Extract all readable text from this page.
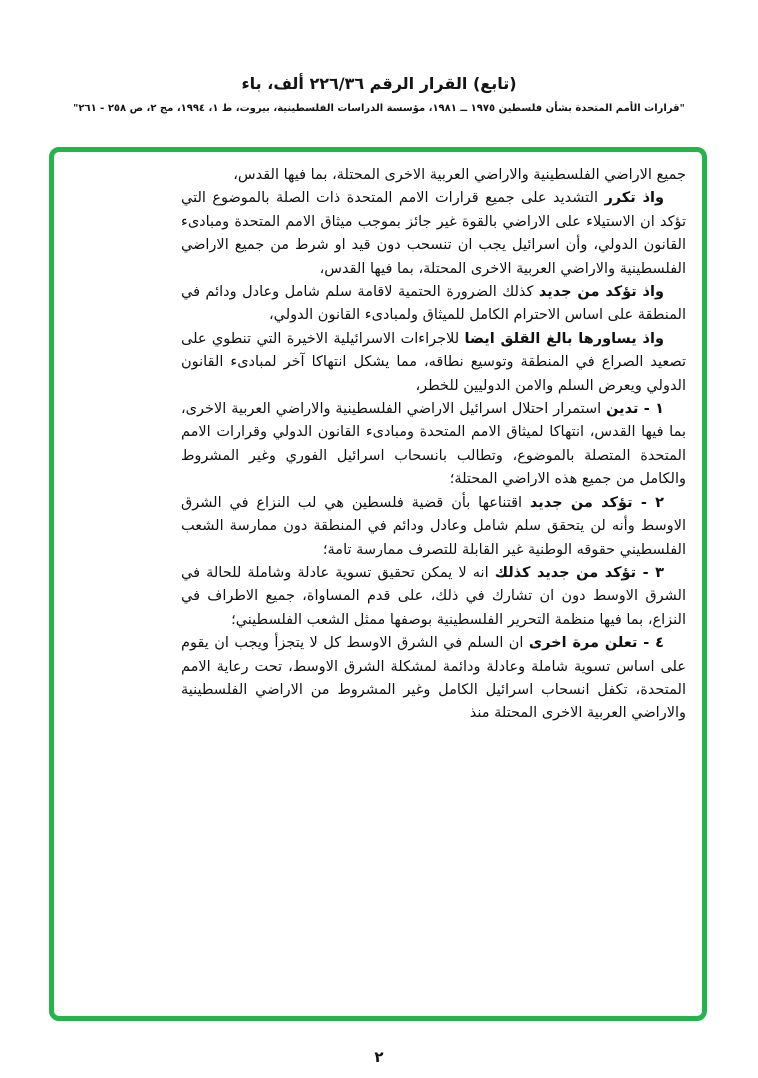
(تابع) القرار الرقم ٢٢٦/٣٦ ألف، باء
"قرارات الأمم المتحدة بشأن فلسطين ١٩٧٥ ــ ١٩٨١، مؤسسة الدراسات الفلسطينية، بيروت، ط ١، ١٩٩٤، مج ٢، ص ٢٥٨ - ٢٦١"

جميع الاراضي الفلسطينية والاراضي العربية الاخرى المحتلة، بما فيها القدس،

واذ تكرر التشديد على جميع قرارات الامم المتحدة ذات الصلة بالموضوع التي تؤكد ان الاستيلاء على الاراضي بالقوة غير جائز بموجب ميثاق الامم المتحدة ومبادىء القانون الدولي، وأن اسرائيل يجب ان تنسحب دون قيد او شرط من جميع الاراضي الفلسطينية والاراضي العربية الاخرى المحتلة، بما فيها القدس،

واذ تؤكد من جديد كذلك الضرورة الحتمية لاقامة سلم شامل وعادل ودائم في المنطقة على اساس الاحترام الكامل للميثاق ولمبادىء القانون الدولي،

واذ يساورها بالغ القلق ايضا للاجراءات الاسرائيلية الاخيرة التي تنطوي على تصعيد الصراع في المنطقة وتوسيع نطاقه، مما يشكل انتهاكا آخر لمبادىء القانون الدولي ويعرض السلم والامن الدوليين للخطر،

١ - تدين استمرار احتلال اسرائيل الاراضي الفلسطينية والاراضي العربية الاخرى، بما فيها القدس، انتهاكا لميثاق الامم المتحدة ومبادىء القانون الدولي وقرارات الامم المتحدة المتصلة بالموضوع، وتطالب بانسحاب اسرائيل الفوري وغير المشروط والكامل من جميع هذه الاراضي المحتلة؛

٢ - تؤكد من جديد اقتناعها بأن قضية فلسطين هي لب النزاع في الشرق الاوسط وأنه لن يتحقق سلم شامل وعادل ودائم في المنطقة دون ممارسة الشعب الفلسطيني حقوقه الوطنية غير القابلة للتصرف ممارسة تامة؛

٣ - تؤكد من جديد كذلك انه لا يمكن تحقيق تسوية عادلة وشاملة للحالة في الشرق الاوسط دون ان تشارك في ذلك، على قدم المساواة، جميع الاطراف في النزاع، بما فيها منظمة التحرير الفلسطينية بوصفها ممثل الشعب الفلسطيني؛

٤ - تعلن مرة اخرى ان السلم في الشرق الاوسط كل لا يتجزأ ويجب ان يقوم على اساس تسوية شاملة وعادلة ودائمة لمشكلة الشرق الاوسط، تحت رعاية الامم المتحدة، تكفل انسحاب اسرائيل الكامل وغير المشروط من الاراضي الفلسطينية والاراضي العربية الاخرى المحتلة منذ

٢
